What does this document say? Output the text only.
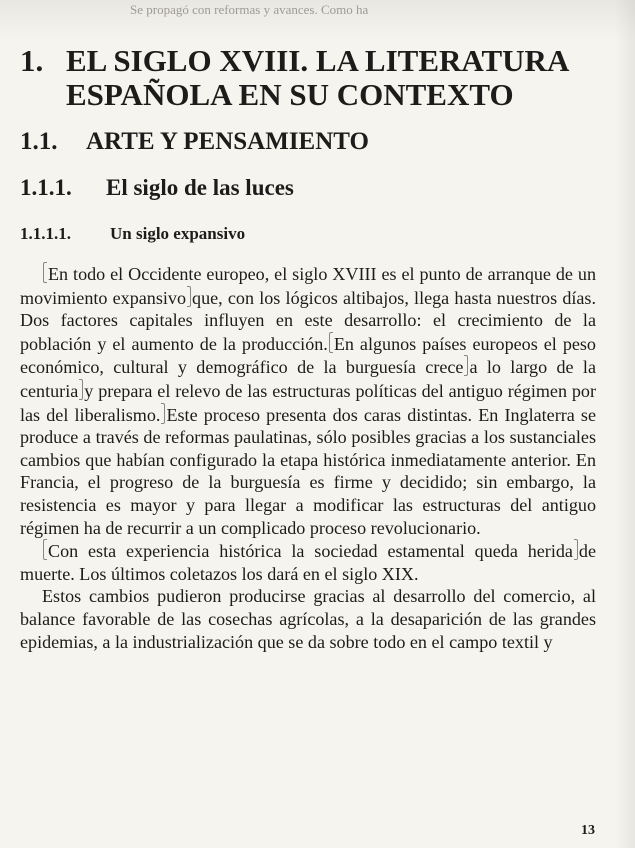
Se propagó con reformas y avances. Como ha
1. EL SIGLO XVIII. LA LITERATURA
ESPAÑOLA EN SU CONTEXTO
1.1. ARTE Y PENSAMIENTO
1.1.1. El siglo de las luces
1.1.1.1. Un siglo expansivo

En todo el Occidente europeo, el siglo XVIII es el punto de arranque de un movimiento expansivo que, con los lógicos altibajos, llega hasta nuestros días. Dos factores capitales influyen en este desarrollo: el crecimiento de la población y el aumento de la producción. En algunos países europeos el peso económico, cultural y demográfico de la burguesía crece a lo largo de la centuria y prepara el relevo de las estructuras políticas del antiguo régimen por las del liberalismo. Este proceso presenta dos caras distintas. En Inglaterra se produce a través de reformas paulatinas, sólo posibles gracias a los sustanciales cambios que habían configurado la etapa histórica inmediatamente anterior. En Francia, el progreso de la burguesía es firme y decidido; sin embargo, la resistencia es mayor y para llegar a modificar las estructuras del antiguo régimen ha de recurrir a un complicado proceso revolucionario.

Con esta experiencia histórica la sociedad estamental queda herida de muerte. Los últimos coletazos los dará en el siglo XIX.

Estos cambios pudieron producirse gracias al desarrollo del comercio, al balance favorable de las cosechas agrícolas, a la desaparición de las grandes epidemias, a la industrialización que se da sobre todo en el campo textil y

13
